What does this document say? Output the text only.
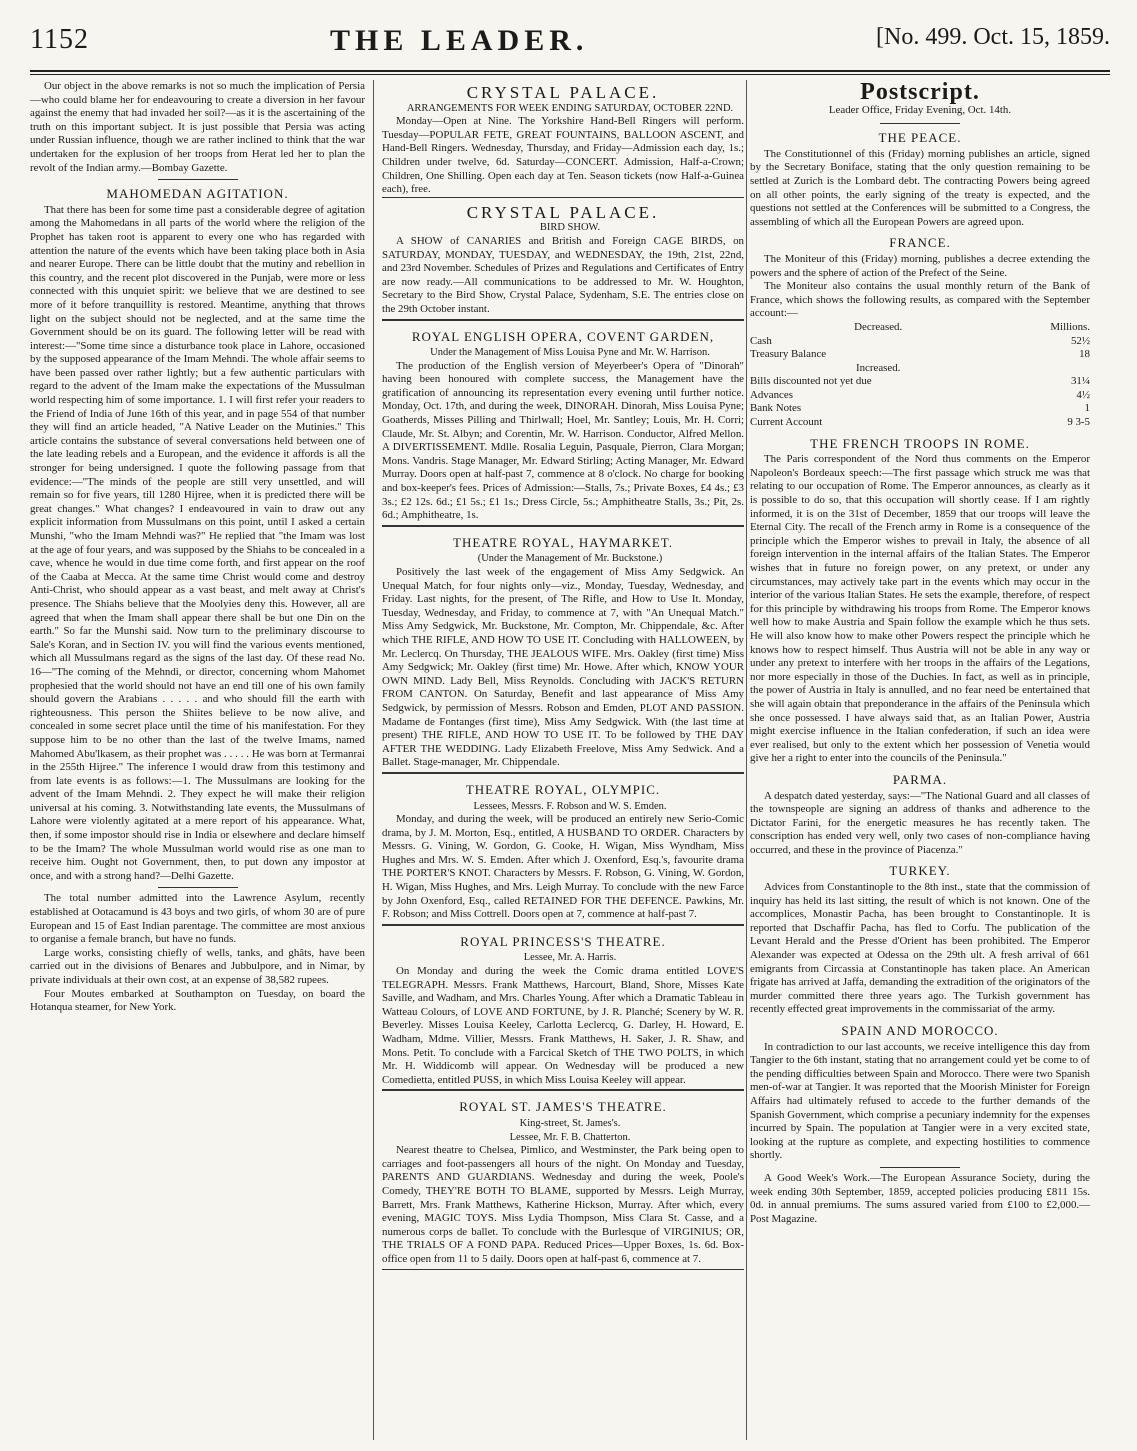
1152	THE LEADER.	[No. 499. Oct. 15, 1859.

Our object in the above remarks is not so much the implication of Persia—who could blame her for endeavouring to create a diversion in her favour against the enemy that had invaded her soil?—as it is the ascertaining of the truth on this important subject. It is just possible that Persia was acting under Russian influence, though we are rather inclined to think that the war undertaken for the explusion of her troops from Herat led her to plan the revolt of the Indian army.—Bombay Gazette.

MAHOMEDAN AGITATION.

That there has been for some time past a considerable degree of agitation among the Mahomedans in all parts of the world where the religion of the Prophet has taken root is apparent to every one who has regarded with attention the nature of the events which have been taking place both in Asia and nearer Europe. There can be little doubt that the mutiny and rebellion in this country, and the recent plot discovered in the Punjab, were more or less connected with this unquiet spirit: we believe that we are destined to see more of it before tranquillity is restored. Meantime, anything that throws light on the subject should not be neglected, and at the same time the Government should be on its guard. The following letter will be read with interest:—"Some time since a disturbance took place in Lahore, occasioned by the supposed appearance of the Imam Mehndi. The whole affair seems to have been passed over rather lightly; but a few authentic particulars with regard to the advent of the Imam make the expectations of the Mussulman world respecting him of some importance. 1. I will first refer your readers to the Friend of India of June 16th of this year, and in page 554 of that number they will find an article headed, "A Native Leader on the Mutinies." This article contains the substance of several conversations held between one of the late leading rebels and a European, and the evidence it affords is all the stronger for being undersigned. I quote the following passage from that evidence:—"The minds of the people are still very unsettled, and will remain so for five years, till 1280 Hijree, when it is predicted there will be great changes." What changes? I endeavoured in vain to draw out any explicit information from Mussulmans on this point, until I asked a certain Munshi, "who the Imam Mehndi was?" He replied that "the Imam was lost at the age of four years, and was supposed by the Shiahs to be concealed in a cave, whence he would in due time come forth, and first appear on the roof of the Caaba at Mecca. At the same time Christ would come and destroy Anti-Christ, who should appear as a vast beast, and melt away at Christ's presence. The Shiahs believe that the Moolyies deny this. However, all are agreed that when the Imam shall appear there shall be but one Din on the earth." So far the Munshi said. Now turn to the preliminary discourse to Sale's Koran, and in Section IV. you will find the various events mentioned, which all Mussulmans regard as the signs of the last day. Of these read No. 16—"The coming of the Mehndi, or director, concerning whom Mahomet prophesied that the world should not have an end till one of his own family should govern the Arabians . . . . . and who should fill the earth with righteousness. This person the Shiites believe to be now alive, and concealed in some secret place until the time of his manifestation. For they suppose him to be no other than the last of the twelve Imams, named Mahomed Abu'lkasem, as their prophet was . . . . . He was born at Termanrai in the 255th Hijree." The inference I would draw from this testimony and from late events is as follows:—1. The Mussulmans are looking for the advent of the Imam Mehndi. 2. They expect he will make their religion universal at his coming. 3. Notwithstanding late events, the Mussulmans of Lahore were violently agitated at a mere report of his appearance. What, then, if some impostor should rise in India or elsewhere and declare himself to be the Imam? The whole Mussulman world would rise as one man to receive him. Ought not Government, then, to put down any impostor at once, and with a strong hand?—Delhi Gazette.

The total number admitted into the Lawrence Asylum, recently established at Ootacamund is 43 boys and two girls, of whom 30 are of pure European and 15 of East Indian parentage. The committee are most anxious to organise a female branch, but have no funds.

Large works, consisting chiefly of wells, tanks, and ghâts, have been carried out in the divisions of Benares and Jubbulpore, and in Nimar, by private individuals at their own cost, at an expense of 38,582 rupees.

Four Moutes embarked at Southampton on Tuesday, on board the Hotanqua steamer, for New York.

CRYSTAL PALACE.

ARRANGEMENTS FOR WEEK ENDING SATURDAY, OCTOBER 22ND.

Monday—Open at Nine. The Yorkshire Hand-Bell Ringers will perform. Tuesday—POPULAR FETE, GREAT FOUNTAINS, BALLOON ASCENT, and Hand-Bell Ringers. Wednesday, Thursday, and Friday—Admission each day, 1s.; Children under twelve, 6d. Saturday—CONCERT. Admission, Half-a-Crown; Children, One Shilling. Open each day at Ten. Season tickets (now Half-a-Guinea each), free.

CRYSTAL PALACE.

BIRD SHOW.

A SHOW of CANARIES and British and Foreign CAGE BIRDS, on SATURDAY, MONDAY, TUESDAY, and WEDNESDAY, the 19th, 21st, 22nd, and 23rd November. Schedules of Prizes and Regulations and Certificates of Entry are now ready.—All communications to be addressed to Mr. W. Houghton, Secretary to the Bird Show, Crystal Palace, Sydenham, S.E. The entries close on the 29th October instant.

ROYAL ENGLISH OPERA, COVENT GARDEN,

Under the Management of Miss Louisa Pyne and Mr. W. Harrison.

The production of the English version of Meyerbeer's Opera of "Dinorah" having been honoured with complete success, the Management have the gratification of announcing its representation every evening until further notice. Monday, Oct. 17th, and during the week, DINORAH. Dinorah, Miss Louisa Pyne; Goatherds, Misses Pilling and Thirlwall; Hoel, Mr. Santley; Louis, Mr. H. Corri; Claude, Mr. St. Albyn; and Corentin, Mr. W. Harrison. Conductor, Alfred Mellon. A DIVERTISSEMENT. Mdlle. Rosalia Leguin, Pasquale, Pierron, Clara Morgan; Mons. Vandris. Stage Manager, Mr. Edward Stirling; Acting Manager, Mr. Edward Murray. Doors open at half-past 7, commence at 8 o'clock. No charge for booking and box-keeper's fees. Prices of Admission:—Stalls, 7s.; Private Boxes, £4 4s.; £3 3s.; £2 12s. 6d.; £1 5s.; £1 1s.; Dress Circle, 5s.; Amphitheatre Stalls, 3s.; Pit, 2s. 6d.; Amphitheatre, 1s.

THEATRE ROYAL, HAYMARKET.

(Under the Management of Mr. Buckstone.)

Positively the last week of the engagement of Miss Amy Sedgwick. An Unequal Match, for four nights only—viz., Monday, Tuesday, Wednesday, and Friday. Last nights, for the present, of The Rifle, and How to Use It. Monday, Tuesday, Wednesday, and Friday, to commence at 7, with "An Unequal Match." Miss Amy Sedgwick, Mr. Buckstone, Mr. Compton, Mr. Chippendale, &c. After which THE RIFLE, AND HOW TO USE IT. Concluding with HALLOWEEN, by Mr. Leclercq. On Thursday, THE JEALOUS WIFE. Mrs. Oakley (first time) Miss Amy Sedgwick; Mr. Oakley (first time) Mr. Howe. After which, KNOW YOUR OWN MIND. Lady Bell, Miss Reynolds. Concluding with JACK'S RETURN FROM CANTON. On Saturday, Benefit and last appearance of Miss Amy Sedgwick, by permission of Messrs. Robson and Emden, PLOT AND PASSION. Madame de Fontanges (first time), Miss Amy Sedgwick. With (the last time at present) THE RIFLE, AND HOW TO USE IT. To be followed by THE DAY AFTER THE WEDDING. Lady Elizabeth Freelove, Miss Amy Sedwick. And a Ballet. Stage-manager, Mr. Chippendale.

THEATRE ROYAL, OLYMPIC.

Lessees, Messrs. F. Robson and W. S. Emden.

Monday, and during the week, will be produced an entirely new Serio-Comic drama, by J. M. Morton, Esq., entitled, A HUSBAND TO ORDER. Characters by Messrs. G. Vining, W. Gordon, G. Cooke, H. Wigan, Miss Wyndham, Miss Hughes and Mrs. W. S. Emden. After which J. Oxenford, Esq.'s, favourite drama THE PORTER'S KNOT. Characters by Messrs. F. Robson, G. Vining, W. Gordon, H. Wigan, Miss Hughes, and Mrs. Leigh Murray. To conclude with the new Farce by John Oxenford, Esq., called RETAINED FOR THE DEFENCE. Pawkins, Mr. F. Robson; and Miss Cottrell. Doors open at 7, commence at half-past 7.

ROYAL PRINCESS'S THEATRE.

Lessee, Mr. A. Harris.

On Monday and during the week the Comic drama entitled LOVE'S TELEGRAPH. Messrs. Frank Matthews, Harcourt, Bland, Shore, Misses Kate Saville, and Wadham, and Mrs. Charles Young. After which a Dramatic Tableau in Watteau Colours, of LOVE AND FORTUNE, by J. R. Planché; Scenery by W. R. Beverley. Misses Louisa Keeley, Carlotta Leclercq, G. Darley, H. Howard, E. Wadham, Mdme. Villier, Messrs. Frank Matthews, H. Saker, J. R. Shaw, and Mons. Petit. To conclude with a Farcical Sketch of THE TWO POLTS, in which Mr. H. Widdicomb will appear. On Wednesday will be produced a new Comedietta, entitled PUSS, in which Miss Louisa Keeley will appear.

ROYAL ST. JAMES'S THEATRE.

King-street, St. James's.

Lessee, Mr. F. B. Chatterton.

Nearest theatre to Chelsea, Pimlico, and Westminster, the Park being open to carriages and foot-passengers all hours of the night. On Monday and Tuesday, PARENTS AND GUARDIANS. Wednesday and during the week, Poole's Comedy, THEY'RE BOTH TO BLAME, supported by Messrs. Leigh Murray, Barrett, Mrs. Frank Matthews, Katherine Hickson, Murray. After which, every evening, MAGIC TOYS. Miss Lydia Thompson, Miss Clara St. Casse, and a numerous corps de ballet. To conclude with the Burlesque of VIRGINIUS; OR, THE TRIALS OF A FOND PAPA. Reduced Prices—Upper Boxes, 1s. 6d. Box-office open from 11 to 5 daily. Doors open at half-past 6, commence at 7.

Postscript.
Leader Office, Friday Evening, Oct. 14th.
THE PEACE.

The Constitutionnel of this (Friday) morning publishes an article, signed by the Secretary Boniface, stating that the only question remaining to be settled at Zurich is the Lombard debt. The contracting Powers being agreed on all other points, the early signing of the treaty is expected, and the questions not settled at the Conferences will be submitted to a Congress, the assembling of which all the European Powers are agreed upon.

FRANCE.

The Moniteur of this (Friday) morning, publishes a decree extending the powers and the sphere of action of the Prefect of the Seine.

The Moniteur also contains the usual monthly return of the Bank of France, which shows the following results, as compared with the September account:—

Decreased.	Millions.
Cash	52½
Treasury Balance	18
Increased.	
Bills discounted not yet due	31¼
Advances	4½
Bank Notes	1
Current Account	9 3-5
THE FRENCH TROOPS IN ROME.

The Paris correspondent of the Nord thus comments on the Emperor Napoleon's Bordeaux speech:—The first passage which struck me was that relating to our occupation of Rome. The Emperor announces, as clearly as it is possible to do so, that this occupation will shortly cease. If I am rightly informed, it is on the 31st of December, 1859 that our troops will leave the Eternal City. The recall of the French army in Rome is a consequence of the principle which the Emperor wishes to prevail in Italy, the absence of all foreign intervention in the internal affairs of the Italian States. The Emperor wishes that in future no foreign power, on any pretext, or under any circumstances, may actively take part in the events which may occur in the interior of the various Italian States. He sets the example, therefore, of respect for this principle by withdrawing his troops from Rome. The Emperor knows well how to make Austria and Spain follow the example which he thus sets. He will also know how to make other Powers respect the principle which he knows how to respect himself. Thus Austria will not be able in any way or under any pretext to interfere with her troops in the affairs of the Legations, nor more especially in those of the Duchies. In fact, as well as in principle, the power of Austria in Italy is annulled, and no fear need be entertained that she will again obtain that preponderance in the affairs of the Peninsula which she once possessed. I have always said that, as an Italian Power, Austria might exercise influence in the Italian confederation, if such an idea were ever realised, but only to the extent which her possession of Venetia would give her a right to enter into the councils of the Peninsula."

PARMA.

A despatch dated yesterday, says:—"The National Guard and all classes of the townspeople are signing an address of thanks and adherence to the Dictator Farini, for the energetic measures he has recently taken. The conscription has ended very well, only two cases of non-compliance having occurred, and these in the province of Piacenza."

TURKEY.

Advices from Constantinople to the 8th inst., state that the commission of inquiry has held its last sitting, the result of which is not known. One of the accomplices, Monastir Pacha, has been brought to Constantinople. It is reported that Dschaffir Pacha, has fled to Corfu. The publication of the Levant Herald and the Presse d'Orient has been prohibited. The Emperor Alexander was expected at Odessa on the 29th ult. A fresh arrival of 661 emigrants from Circassia at Constantinople has taken place. An American frigate has arrived at Jaffa, demanding the extradition of the originators of the murder committed there three years ago. The Turkish government has recently effected great improvements in the commissariat of the army.

SPAIN AND MOROCCO.

In contradiction to our last accounts, we receive intelligence this day from Tangier to the 6th instant, stating that no arrangement could yet be come to of the pending difficulties between Spain and Morocco. There were two Spanish men-of-war at Tangier. It was reported that the Moorish Minister for Foreign Affairs had ultimately refused to accede to the further demands of the Spanish Government, which comprise a pecuniary indemnity for the expenses incurred by Spain. The population at Tangier were in a very excited state, looking at the rupture as complete, and expecting hostilities to commence shortly.

A Good Week's Work.—The European Assurance Society, during the week ending 30th September, 1859, accepted policies producing £811 15s. 0d. in annual premiums. The sums assured varied from £100 to £2,000.—Post Magazine.
